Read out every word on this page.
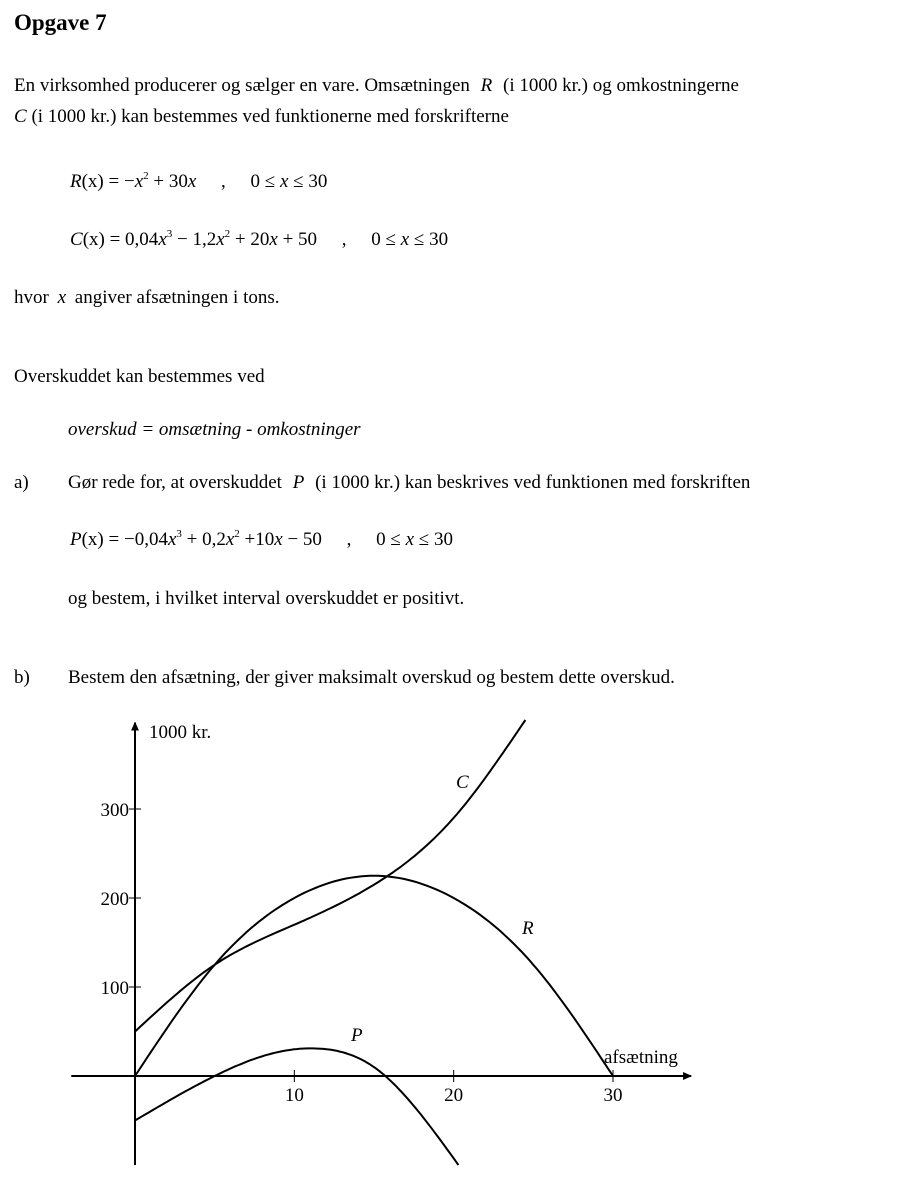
Opgave 7
En virksomhed producerer og sælger en vare. Omsætningen R (i 1000 kr.) og omkostningerne
C (i 1000 kr.) kan bestemmes ved funktionerne med forskrifterne
$R(x) = -x^2 + 30x$ , 0 ≤ x ≤ 30
$C(x) = 0,04x^3 - 1,2x^2 + 20x + 50$ , 0 ≤ x ≤ 30
hvor x angiver afsætningen i tons.
Overskuddet kan bestemmes ved
overskud = omsætning - omkostninger
a) Gør rede for, at overskuddet P (i 1000 kr.) kan beskrives ved funktionen med forskriften
$P(x) = -0,04x^3 + 0,2x^2 +10x - 50$ , 0 ≤ x ≤ 30
og bestem, i hvilket interval overskuddet er positivt.
b) Bestem den afsætning, der giver maksimalt overskud og bestem dette overskud.
10	20	30
100
200
300
1000 kr.
afsætning
C
R
P
